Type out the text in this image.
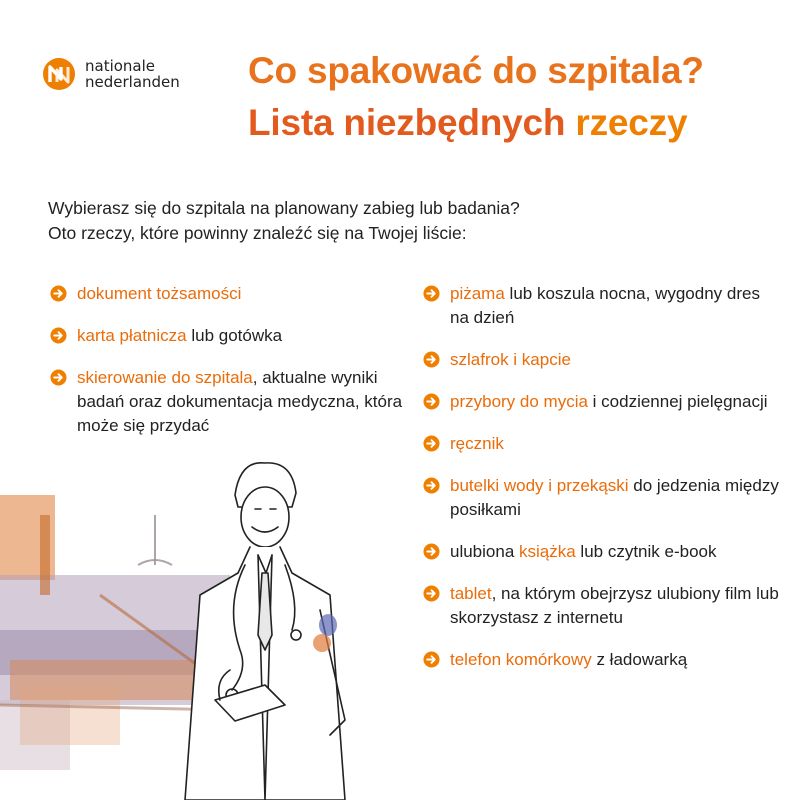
nationale
nederlanden Co spakować do szpitala?
Lista niezbędnych rzeczy
Wybierasz się do szpitala na planowany zabieg lub badania?
Oto rzeczy, które powinny znaleźć się na Twojej liście:
dokument tożsamości
karta płatnicza lub gotówka
skierowanie do szpitala, aktualne wyniki badań oraz dokumentacja medyczna, która może się przydać
piżama lub koszula nocna, wygodny dres na dzień
szlafrok i kapcie
przybory do mycia i codziennej pielęgnacji
ręcznik
butelki wody i przekąski do jedzenia między posiłkami
ulubiona książka lub czytnik e-book
tablet, na którym obejrzysz ulubiony film lub skorzystasz z internetu
telefon komórkowy z ładowarką
